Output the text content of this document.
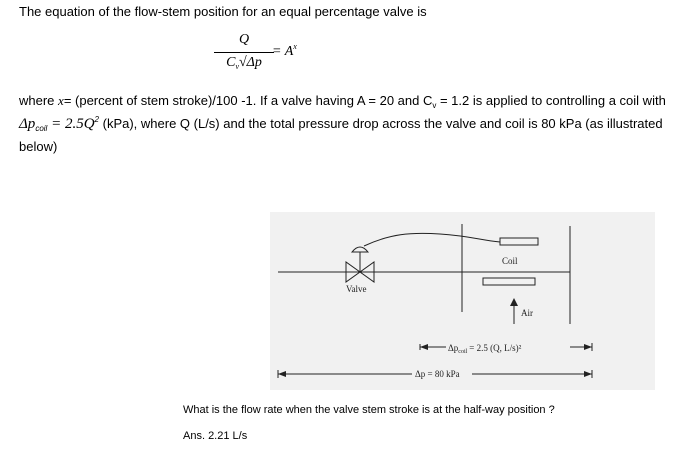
The equation of the flow-stem position for an equal percentage valve is
Q
$C_v√\Delta p$
= $A^x$
where x= (percent of stem stroke)/100 -1. If a valve having A = 20 and $C_v = 1.2$ is applied to controlling a coil with
$\Delta p_{coil} = 2.5Q^2$ (kPa), where Q (L/s) and the total pressure drop across the valve and coil is 80 kPa (as illustrated
below)
Coil
Valve
Air
$\Delta p_{coil} = 2.5$ (Q, L/s)²
Δp = 80 kPa
What is the flow rate when the valve stem stroke is at the half-way position ?
Ans. 2.21 L/s
